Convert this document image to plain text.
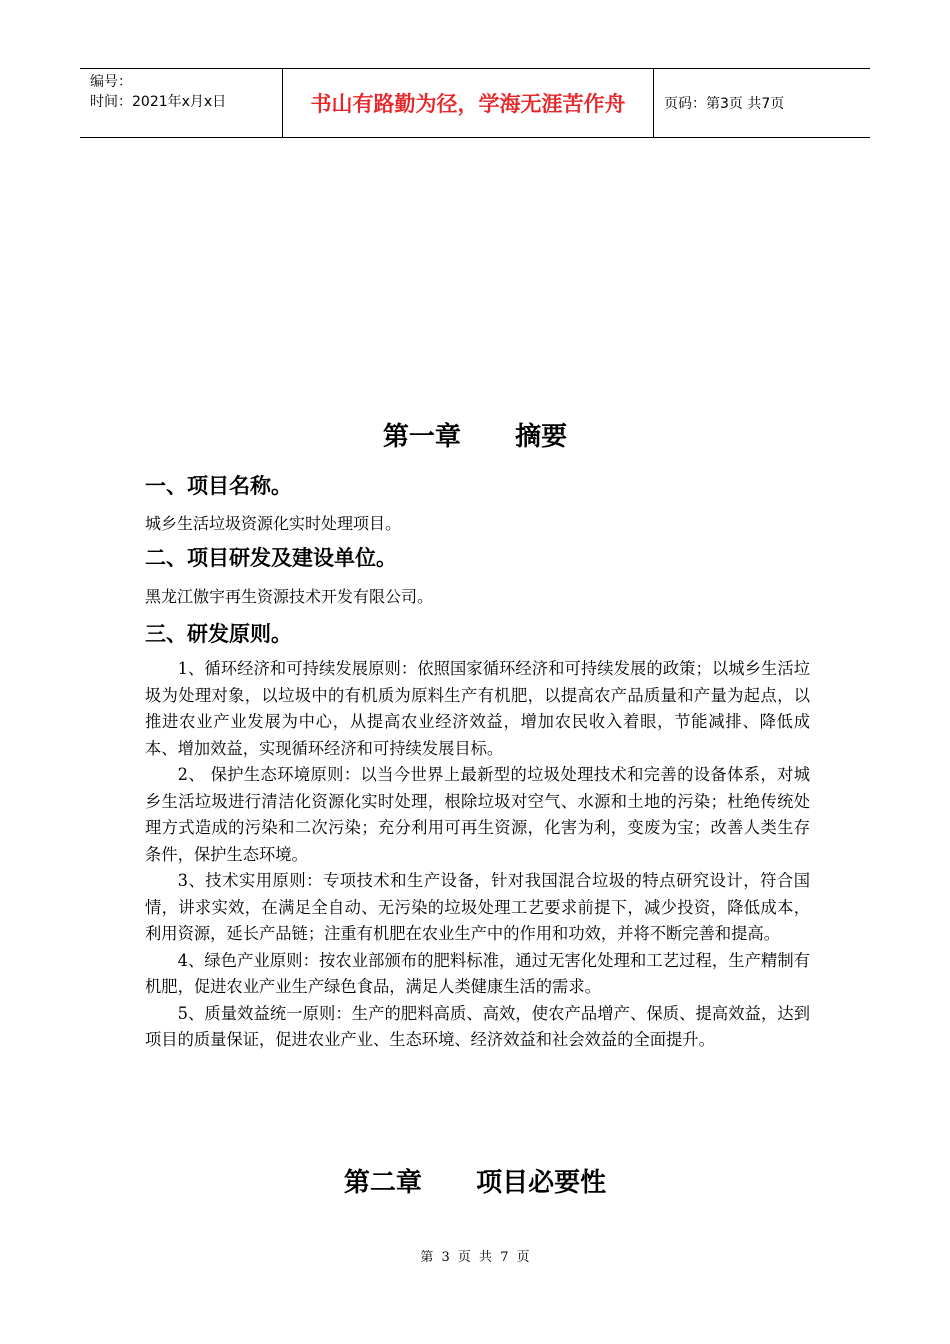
编号：
时间：2021年x月x日	书山有路勤为径，学海无涯苦作舟	页码：第3页 共7页
第一章      摘要
一、项目名称。
城乡生活垃圾资源化实时处理项目。
二、项目研发及建设单位。
黑龙江傲宇再生资源技术开发有限公司。
三、研发原则。
1、循环经济和可持续发展原则：依照国家循环经济和可持续发展的政策；以城乡生活垃圾为处理对象，以垃圾中的有机质为原料生产有机肥，以提高农产品质量和产量为起点，以推进农业产业发展为中心，从提高农业经济效益，增加农民收入着眼，节能减排、降低成本、增加效益，实现循环经济和可持续发展目标。
2、 保护生态环境原则：以当今世界上最新型的垃圾处理技术和完善的设备体系，对城乡生活垃圾进行清洁化资源化实时处理，根除垃圾对空气、水源和土地的污染；杜绝传统处理方式造成的污染和二次污染；充分利用可再生资源，化害为利，变废为宝；改善人类生存条件，保护生态环境。
3、技术实用原则：专项技术和生产设备，针对我国混合垃圾的特点研究设计，符合国情，讲求实效，在满足全自动、无污染的垃圾处理工艺要求前提下，减少投资，降低成本，利用资源，延长产品链；注重有机肥在农业生产中的作用和功效，并将不断完善和提高。
4、绿色产业原则：按农业部颁布的肥料标准，通过无害化处理和工艺过程，生产精制有机肥，促进农业产业生产绿色食品，满足人类健康生活的需求。
5、质量效益统一原则：生产的肥料高质、高效，使农产品增产、保质、提高效益，达到项目的质量保证，促进农业产业、生态环境、经济效益和社会效益的全面提升。
第二章      项目必要性
第 3 页 共 7 页
